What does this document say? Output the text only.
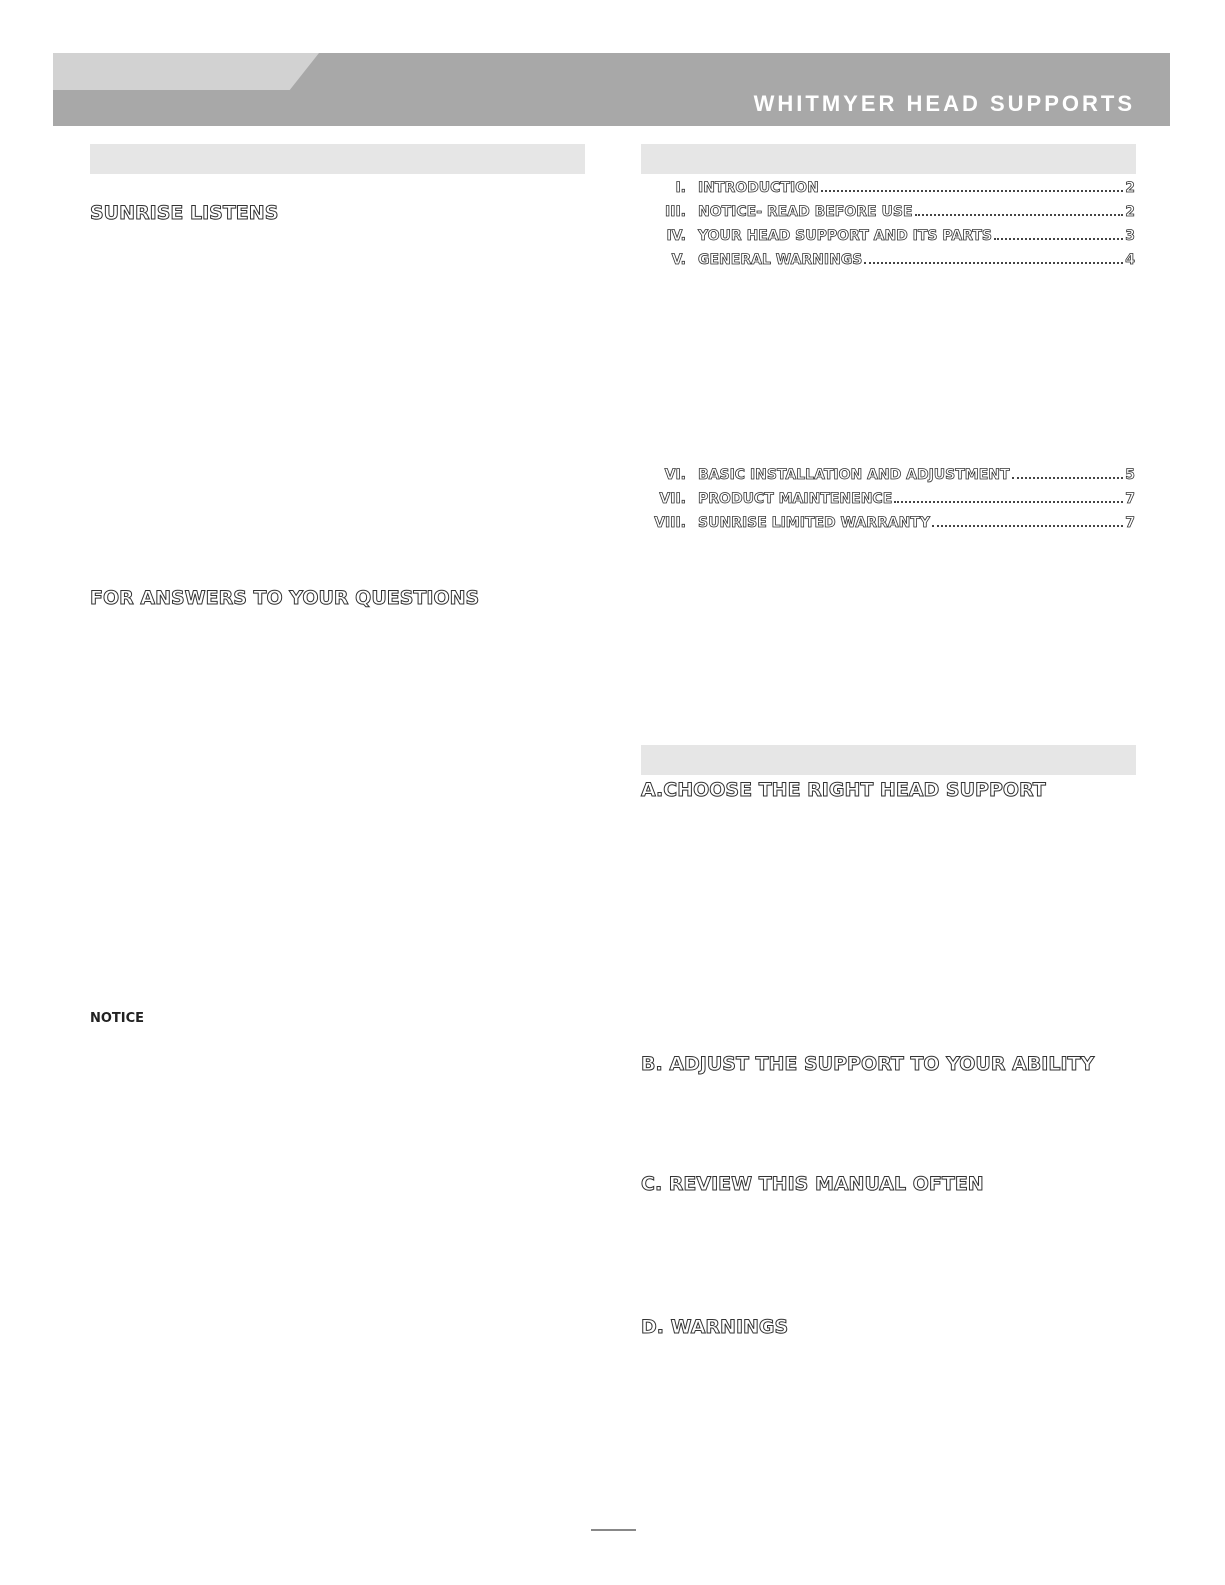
WHITMYER HEAD SUPPORTS
SUNRISE LISTENS
FOR ANSWERS TO YOUR QUESTIONS
NOTICE
I. INTRODUCTION	2
III. NOTICE- READ BEFORE USE	2
IV. YOUR HEAD SUPPORT AND ITS PARTS	3
V. GENERAL WARNINGS	4
VI. BASIC INSTALLATION AND ADJUSTMENT	5
VII. PRODUCT MAINTENENCE	7
VIII. SUNRISE LIMITED WARRANTY	7
A.CHOOSE THE RIGHT HEAD SUPPORT
B. ADJUST THE SUPPORT TO YOUR ABILITY
C. REVIEW THIS MANUAL OFTEN
D. WARNINGS
